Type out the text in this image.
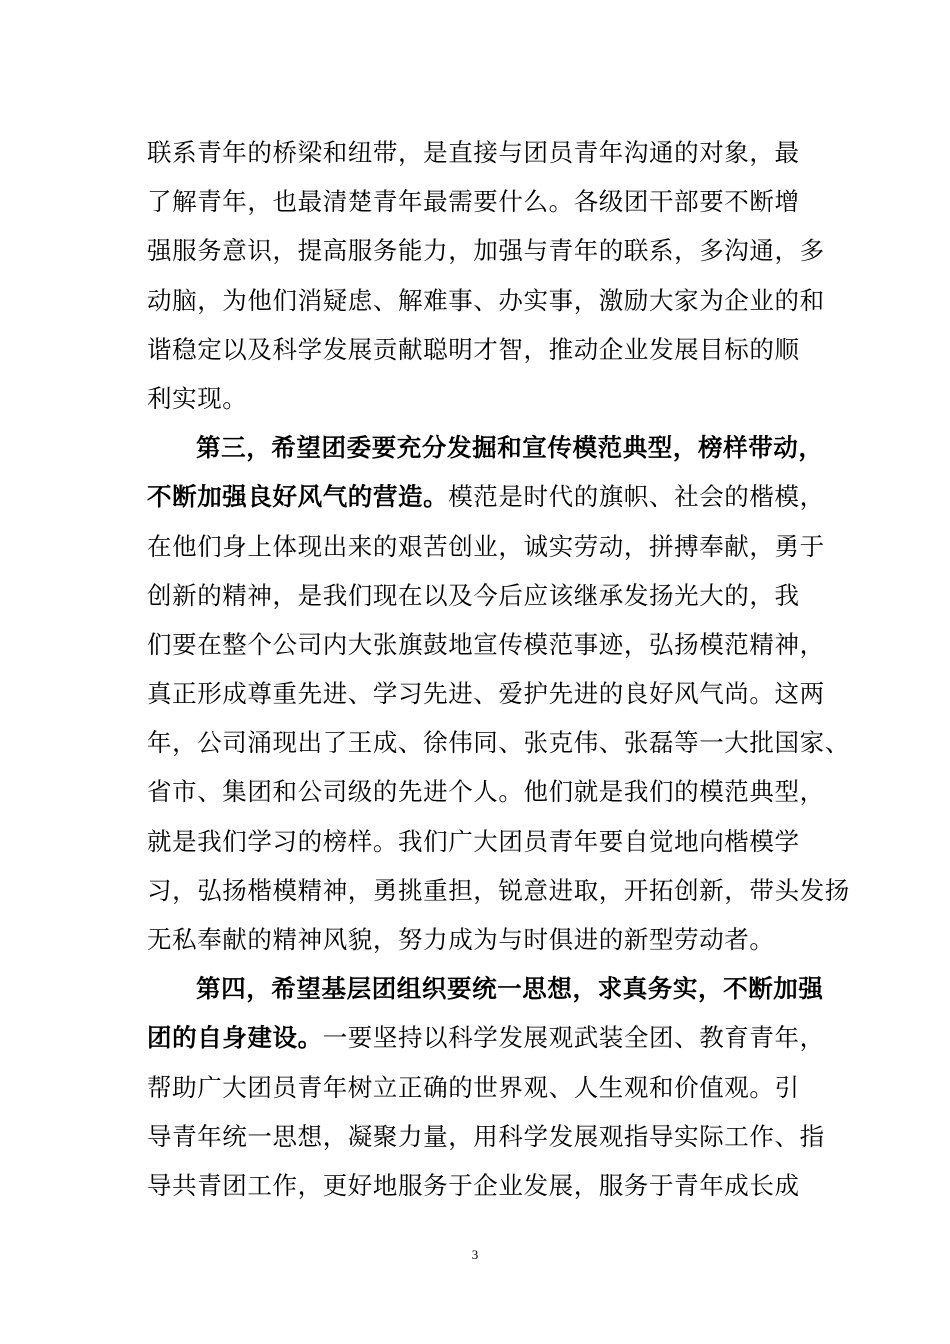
联系青年的桥梁和纽带，是直接与团员青年沟通的对象，最
了解青年，也最清楚青年最需要什么。各级团干部要不断增
强服务意识，提高服务能力，加强与青年的联系，多沟通，多
动脑，为他们消疑虑、解难事、办实事，激励大家为企业的和
谐稳定以及科学发展贡献聪明才智，推动企业发展目标的顺
利实现。
第三，希望团委要充分发掘和宣传模范典型，榜样带动，
不断加强良好风气的营造。模范是时代的旗帜、社会的楷模，
在他们身上体现出来的艰苦创业，诚实劳动，拼搏奉献，勇于
创新的精神，是我们现在以及今后应该继承发扬光大的，我
们要在整个公司内大张旗鼓地宣传模范事迹，弘扬模范精神，
真正形成尊重先进、学习先进、爱护先进的良好风气尚。这两
年，公司涌现出了王成、徐伟同、张克伟、张磊等一大批国家、
省市、集团和公司级的先进个人。他们就是我们的模范典型，
就是我们学习的榜样。我们广大团员青年要自觉地向楷模学
习，弘扬楷模精神，勇挑重担，锐意进取，开拓创新，带头发扬
无私奉献的精神风貌，努力成为与时俱进的新型劳动者。
第四，希望基层团组织要统一思想，求真务实，不断加强
团的自身建设。一要坚持以科学发展观武装全团、教育青年，
帮助广大团员青年树立正确的世界观、人生观和价值观。引
导青年统一思想，凝聚力量，用科学发展观指导实际工作、指
导共青团工作，更好地服务于企业发展，服务于青年成长成
3
